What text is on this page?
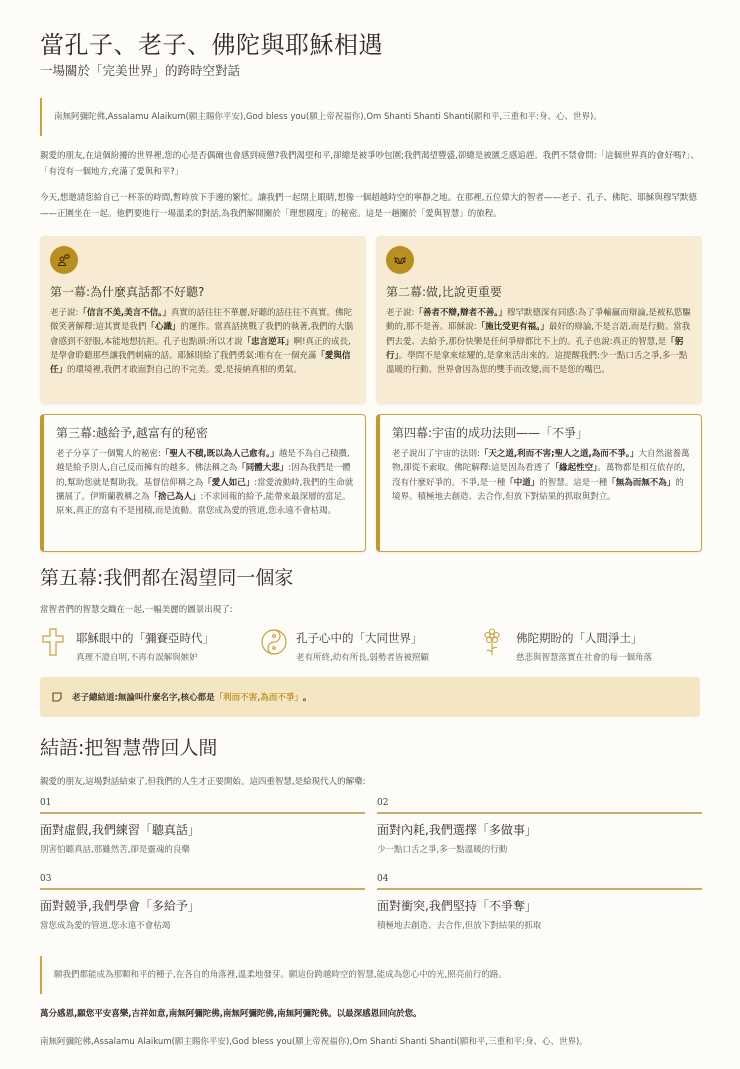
當孔子、老子、佛陀與耶穌相遇
一場關於「完美世界」的跨時空對話
南無阿彌陀佛,Assalamu Alaikum(願主賜你平安),God bless you(願上帝祝福你),Om Shanti Shanti Shanti(願和平,三重和平:身、心、世界)。

親愛的朋友,在這個紛擾的世界裡,您的心是否偶爾也會感到疲憊?我們渴望和平,卻總是被爭吵包圍;我們渴望豐盛,卻總是被匱乏感追趕。我們不禁會問:「這個世界真的會好嗎?」、「有沒有一個地方,充滿了愛與和平?」

今天,想邀請您給自己一杯茶的時間,暫時放下手邊的繁忙。讓我們一起閉上眼睛,想像一個超越時空的寧靜之地。在那裡,五位偉大的智者——老子、孔子、佛陀、耶穌與穆罕默德——正圍坐在一起。他們要進行一場溫柔的對話,為我們解開關於「理想國度」的秘密。這是一趟關於「愛與智慧」的旅程。

第一幕:為什麼真話都不好聽?
老子說:「信言不美,美言不信。」真實的話往往不華麗,好聽的話往往不真實。佛陀微笑著解釋:這其實是我們「心識」的運作。當真話挑戰了我們的執著,我們的大腦會感到不舒服,本能地想抗拒。孔子也點頭:所以才說「忠言逆耳」啊!真正的成長,是學會聆聽那些讓我們刺痛的話。耶穌則給了我們勇氣:唯有在一個充滿「愛與信任」的環境裡,我們才敢面對自己的不完美。愛,是接納真相的勇氣。
第二幕:做,比說更重要
老子說:「善者不辯,辯者不善。」穆罕默德深有同感:為了爭輸贏而辯論,是被私慾驅動的,那不是善。耶穌說:「施比受更有福。」最好的辯論,不是言語,而是行動。當我們去愛、去給予,那份快樂是任何爭辯都比不上的。孔子也說:真正的智慧,是「躬行」。學問不是拿來炫耀的,是拿來活出來的。這提醒我們:少一點口舌之爭,多一點溫暖的行動。世界會因為您的雙手而改變,而不是您的嘴巴。
第三幕:越給予,越富有的秘密
老子分享了一個驚人的秘密:「聖人不積,既以為人己愈有。」越是不為自己積攢,越是給予別人,自己反而擁有的越多。佛法稱之為「同體大悲」:因為我們是一體的,幫助您就是幫助我。基督信仰稱之為「愛人如己」:當愛流動時,我們的生命就擴展了。伊斯蘭教稱之為「捨己為人」:不求回報的給予,能帶來最深層的富足。原來,真正的富有不是囤積,而是流動。當您成為愛的管道,您永遠不會枯竭。
第四幕:宇宙的成功法則——「不爭」
老子說出了宇宙的法則:「天之道,利而不害;聖人之道,為而不爭。」大自然滋養萬物,卻從不索取。佛陀解釋:這是因為看透了「緣起性空」。萬物都是相互依存的,沒有什麼好爭的。不爭,是一種「中道」的智慧。這是一種「無為而無不為」的境界。積極地去創造、去合作,但放下對結果的抓取與對立。
第五幕:我們都在渴望同一個家

當智者們的智慧交織在一起,一幅美麗的圖景出現了:

耶穌眼中的「彌賽亞時代」
真理不證自明,不再有誤解與嫉妒
孔子心中的「大同世界」
老有所終,幼有所長,弱勢者皆被照顧
佛陀期盼的「人間淨土」
慈悲與智慧落實在社會的每一個角落
老子總結道:無論叫什麼名字,核心都是 「利而不害,為而不爭」 。
結語:把智慧帶回人間

親愛的朋友,這場對話結束了,但我們的人生才正要開始。這四重智慧,是給現代人的解藥:

01
面對虛假,我們練習「聽真話」
別害怕聽真話,那雖然苦,卻是靈魂的良藥
02
面對內耗,我們選擇「多做事」
少一點口舌之爭,多一點溫暖的行動
03
面對競爭,我們學會「多給予」
當您成為愛的管道,您永遠不會枯竭
04
面對衝突,我們堅持「不爭奪」
積極地去創造、去合作,但放下對結果的抓取
願我們都能成為那顆和平的種子,在各自的角落裡,溫柔地發芽。願這份跨越時空的智慧,能成為您心中的光,照亮前行的路。

萬分感恩,願您平安喜樂,吉祥如意,南無阿彌陀佛,南無阿彌陀佛,南無阿彌陀佛。以最深感恩回向於您。

南無阿彌陀佛,Assalamu Alaikum(願主賜你平安),God bless you(願上帝祝福你),Om Shanti Shanti Shanti(願和平,三重和平:身、心、世界)。
